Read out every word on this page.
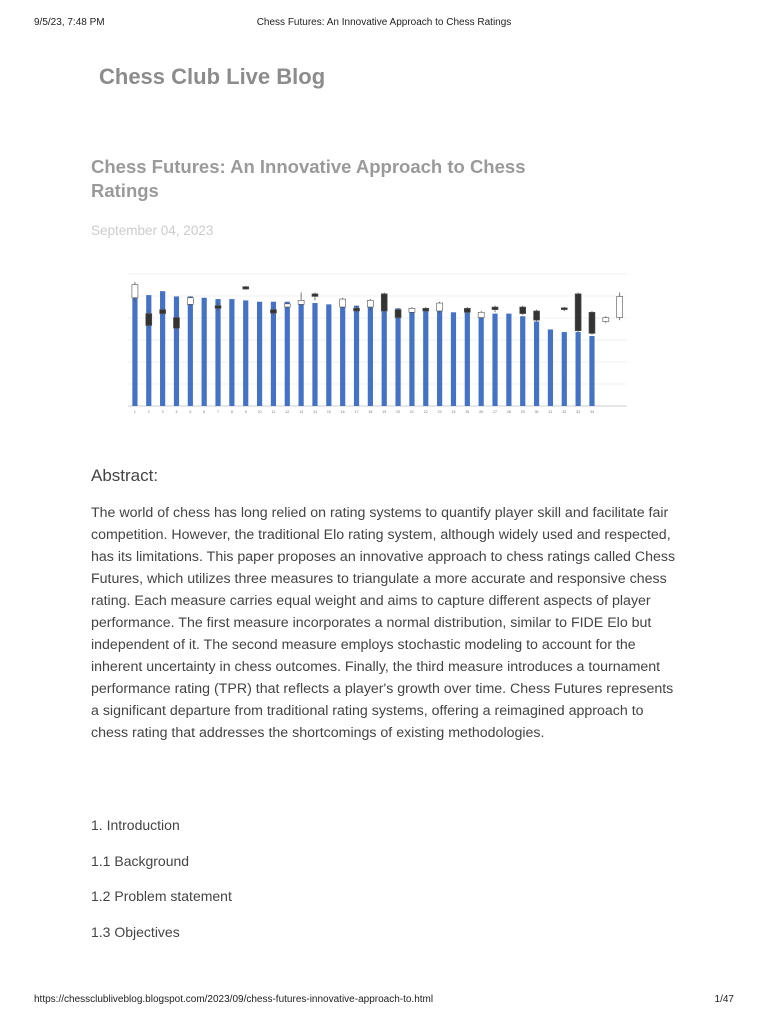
9/5/23, 7:48 PM	Chess Futures: An Innovative Approach to Chess Ratings
Chess Club Live Blog
Chess Futures: An Innovative Approach to Chess Ratings
September 04, 2023
1	2	3	4	5	6	7	8	9	10	11	12	13	14	15	16	17	18	19	20	21	22	23	24	25	26	27	28	29	30	31	32	33	34
Abstract:

The world of chess has long relied on rating systems to quantify player skill and facilitate fair competition. However, the traditional Elo rating system, although widely used and respected, has its limitations. This paper proposes an innovative approach to chess ratings called Chess Futures, which utilizes three measures to triangulate a more accurate and responsive chess rating. Each measure carries equal weight and aims to capture different aspects of player performance. The first measure incorporates a normal distribution, similar to FIDE Elo but independent of it. The second measure employs stochastic modeling to account for the inherent uncertainty in chess outcomes. Finally, the third measure introduces a tournament performance rating (TPR) that reflects a player's growth over time. Chess Futures represents a significant departure from traditional rating systems, offering a reimagined approach to chess rating that addresses the shortcomings of existing methodologies.

1. Introduction
1.1 Background
1.2 Problem statement
1.3 Objectives
https://chessclubliveblog.blogspot.com/2023/09/chess-futures-innovative-approach-to.html	1/47
